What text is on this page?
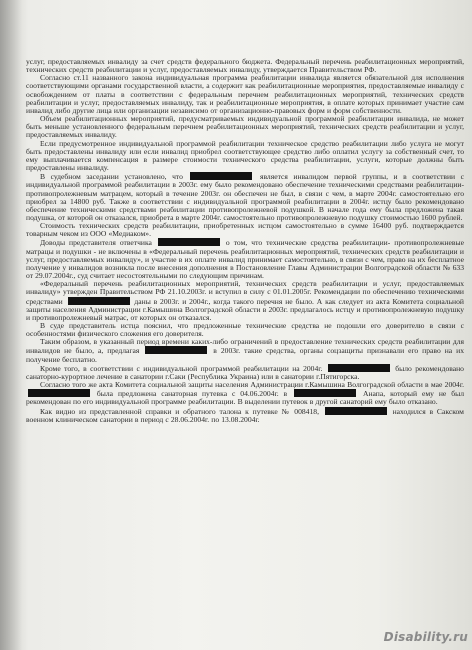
услуг, предоставляемых инвалиду за счет средств федерального бюджета. Федеральный перечень реабилитационных мероприятий, технических средств реабилитации и услуг, предоставляемых инвалиду, утверждается Правительством РФ.

Согласно ст.11 названного закона индивидуальная программа реабилитации инвалида является обязательной для исполнения соответствующими органами государственной власти, а содержит как реабилитационные мероприятия, предоставляемые инвалиду с освобождением от платы в соответствии с федеральным перечнем реабилитационных мероприятий, технических средств реабилитации и услуг, предоставляемых инвалиду, так и реабилитационные мероприятия, в оплате которых принимает участие сам инвалид либо другие лица или организации независимо от организационно-правовых форм и форм собственности.

Объем реабилитационных мероприятий, предусматриваемых индивидуальной программой реабилитации инвалида, не может быть меньше установленного федеральным перечнем реабилитационных мероприятий, технических средств реабилитации и услуг, предоставляемых инвалиду.

Если предусмотренное индивидуальной программой реабилитации техническое средство реабилитации либо услуга не могут быть предоставлены инвалиду или если инвалид приобрел соответствующее средство либо оплатил услугу за собственный счет, то ему выплачивается компенсация в размере стоимости технического средства реабилитации, услуги, которые должны быть предоставлены инвалиду.

В судебном заседании установлено, что	является инвалидом первой группы, и в соответствии с индивидуальной программой реабилитации в 2003г. ему было рекомендовано обеспечение техническими средствами реабилитации- противопролежневым матрацем, который в течение 2003г. он обеспечен не был, в связи с чем, в марте 2004г. самостоятельно его приобрел за 14800 руб. Также в соответствии с индивидуальной программой реабилитации в 2004г. истцу было рекомендовано обеспечение техническими средствами реабилитации противопролежневой подушкой. В начале года ему была предложена такая подушка, от которой он отказался, приобрета в марте 2004г. самостоятельно противопролежневую подушку стоимостью 1600 рублей.

Стоимость технических средств реабилитации, приобретенных истцом самостоятельно в сумме 16400 руб. подтверждается товарным чеком из ООО «Медиаком».

Доводы представителя ответчика	о том, что технические средства реабилитации- противопролежневые матрацы и подушки - не включены в «Федеральный перечень реабилитационных мероприятий, технических средств реабилитации и услуг, предоставляемых инвалиду», и участие в их оплате инвалид принимает самостоятельно, в связи с чем, право на их бесплатное получение у инвалидов возникла после внесения дополнения в Постановление Главы Администрации Волгоградской области № 633 от 29.07.2004г., суд считает несостоятельными по следующим причинам.

«Федеральный перечень реабилитационных мероприятий, технических средств реабилитации и услуг, предоставляемых инвалиду» утвержден Правительством РФ 21.10.2003г. и вступил в силу с 01.01.2005г. Рекомендации по обеспечению техническими средствами	даны в 2003г. и 2004г., когда такого перечня не было. А как следует из акта Комитета социальной защиты населения Администрации г.Камышина Волгоградской области в 2003г. предлагалось истцу и противопролежневую подушку и противопролежневый матрас, от которых он отказался.

В суде представитель истца пояснил, что предложенные технические средства не подошли его доверителю в связи с особенностями физического сложения его доверителя.

Таким образом, в указанный период времени каких-либо ограничений в предоставление технических средств реабилитации для инвалидов не было, а, предлагая	в 2003г. такие средства, органы соцзащиты признавали его право на их получение бесплатно.

Кроме того, в соответствии с индивидуальной программой реабилитации на 2004г.	было рекомендовано санаторно-курортное лечение в санатории г.Саки (Республика Украина) или в санатории г.Пятигорска.

Согласно того же акта Комитета социальной защиты населения Администрации г.Камышина Волгоградской области в мае 2004г.  была предложена санаторная путевка с 04.06.2004г. в	Анапа, который ему не был рекомендован по его индивидуальной программе реабилитации. В выделении путевок в другой санаторий ему было отказано.

Как видно из представленной справки и обратного талона к путевке № 008418,	находился в Сакском военном клиническом санатории в период с 28.06.2004г. по 13.08.2004г.

Disability.ru
